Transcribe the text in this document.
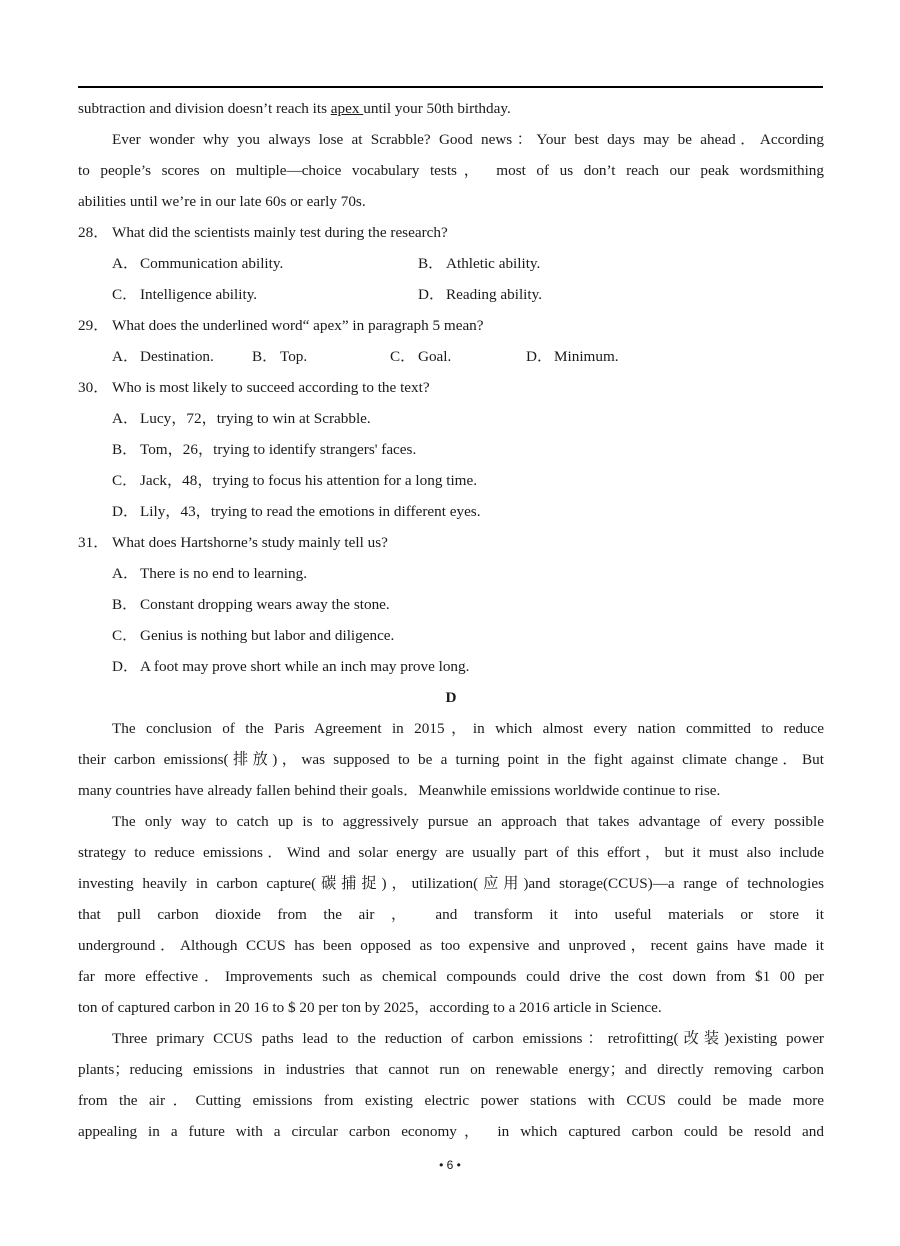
subtraction and division doesn’t reach its apex until your 50th birthday.
Ever wonder why you always lose at Scrabble? Good news：Your best days may be ahead．According
to people’s scores on multiple—choice vocabulary tests， most of us don’t reach our peak wordsmithing
abilities until we’re in our late 60s or early 70s.
28． What did the scientists mainly test during the research?
A． Communication ability.	B． Athletic ability.
C． Intelligence ability.	D． Reading ability.
29． What does the underlined word“ apex” in paragraph 5 mean?
A． Destination.	B． Top.	C． Goal.	D． Minimum.
30． Who is most likely to succeed according to the text?
A． Lucy，72，trying to win at Scrabble.
B． Tom，26，trying to identify strangers' faces.
C． Jack，48，trying to focus his attention for a long time.
D． Lily，43，trying to read the emotions in different eyes.
31． What does Hartshorne’s study mainly tell us?
A． There is no end to learning.
B． Constant dropping wears away the stone.
C． Genius is nothing but labor and diligence.
D． A foot may prove short while an inch may prove long.
D
The conclusion of the Paris Agreement in 2015，in which almost every nation committed to reduce
their carbon emissions(排放)，was supposed to be a turning point in the fight against climate change．But
many countries have already fallen behind their goals．Meanwhile emissions worldwide continue to rise.
The only way to catch up is to aggressively pursue an approach that takes advantage of every possible
strategy to reduce emissions．Wind and solar energy are usually part of this effort，but it must also include
investing heavily in carbon capture(碳捕捉)，utilization(应用)and storage(CCUS)—a range of technologies
that pull carbon dioxide from the air ， and transform it into useful materials or store it
underground．Although CCUS has been opposed as too expensive and unproved，recent gains have made it
far more effective．Improvements such as chemical compounds could drive the cost down from $1 00 per
ton of captured carbon in 20 16 to $ 20 per ton by 2025，according to a 2016 article in Science.
Three primary CCUS paths lead to the reduction of carbon emissions：retrofitting(改装)existing power
plants；reducing emissions in industries that cannot run on renewable energy；and directly removing carbon
from the air．Cutting emissions from existing electric power stations with CCUS could be made more
appealing in a future with a circular carbon economy， in which captured carbon could be resold and
• 6 •
